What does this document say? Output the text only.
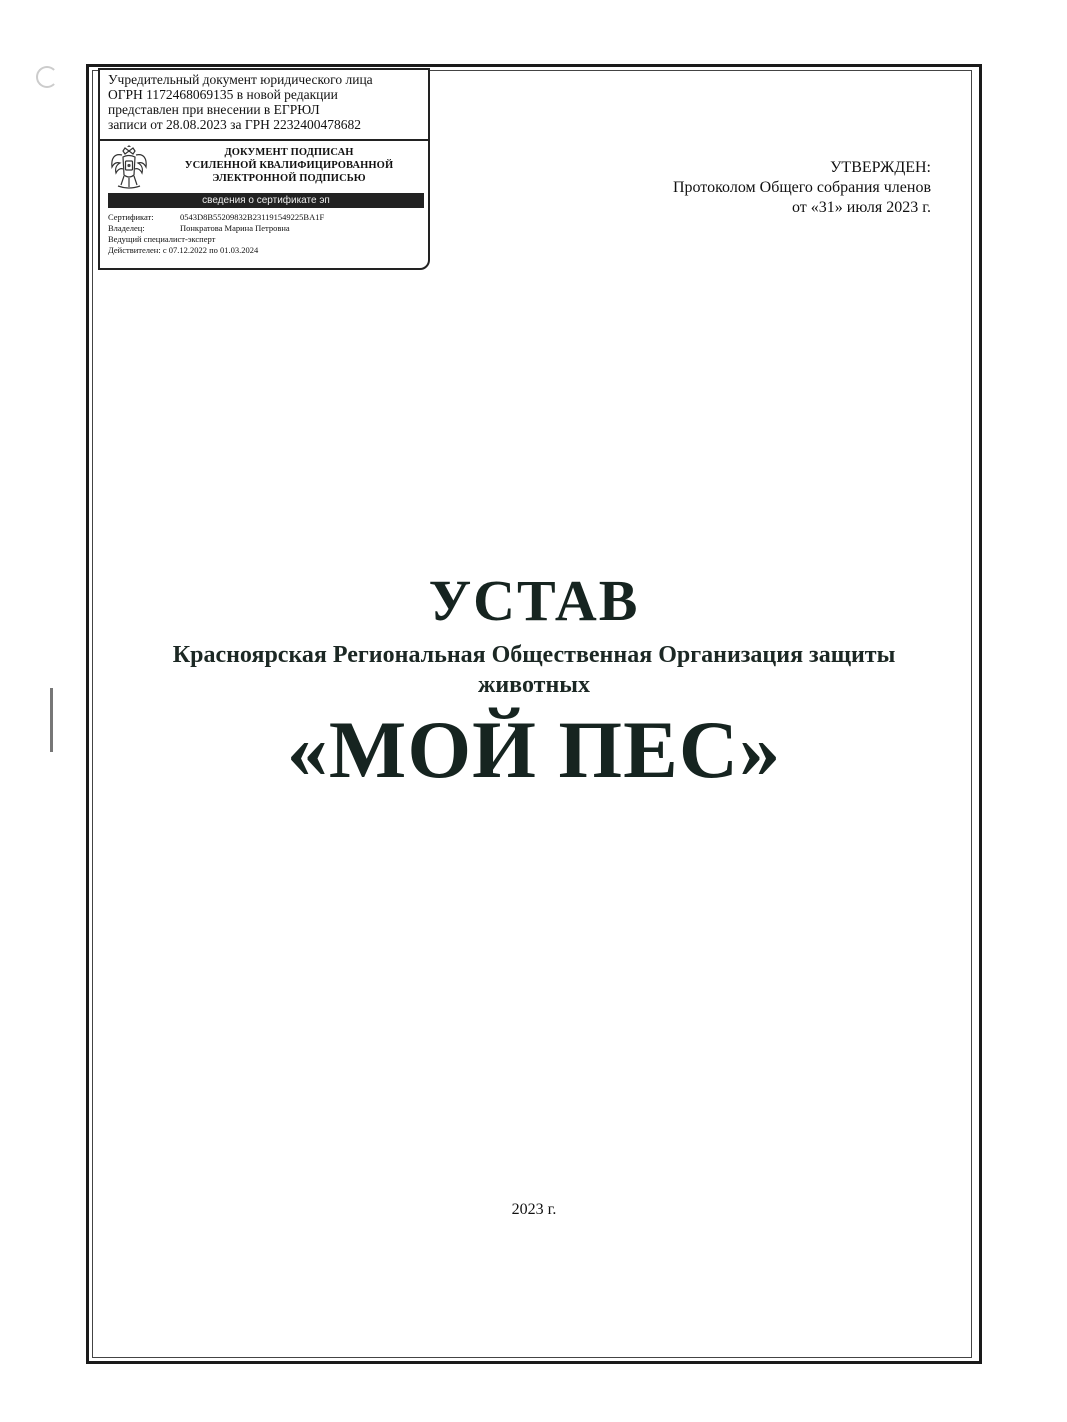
Учредительный документ юридического лица
ОГРН 1172468069135 в новой редакции
представлен при внесении в ЕГРЮЛ
записи от 28.08.2023 за ГРН 2232400478682
ДОКУМЕНТ ПОДПИСАН
УСИЛЕННОЙ КВАЛИФИЦИРОВАННОЙ
ЭЛЕКТРОННОЙ ПОДПИСЬЮ
сведения о сертификате эп
Сертификат:	0543D8B55209832B231191549225BA1F
Владелец:	Понкратова Марина Петровна
Ведущий специалист-эксперт
Действителен: с 07.12.2022 по 01.03.2024
УТВЕРЖДЕН:
Протоколом Общего собрания членов
от «31» июля 2023 г.
УСТАВ
Красноярская Региональная Общественная Организация защиты
животных
«МОЙ ПЕС»
2023 г.
